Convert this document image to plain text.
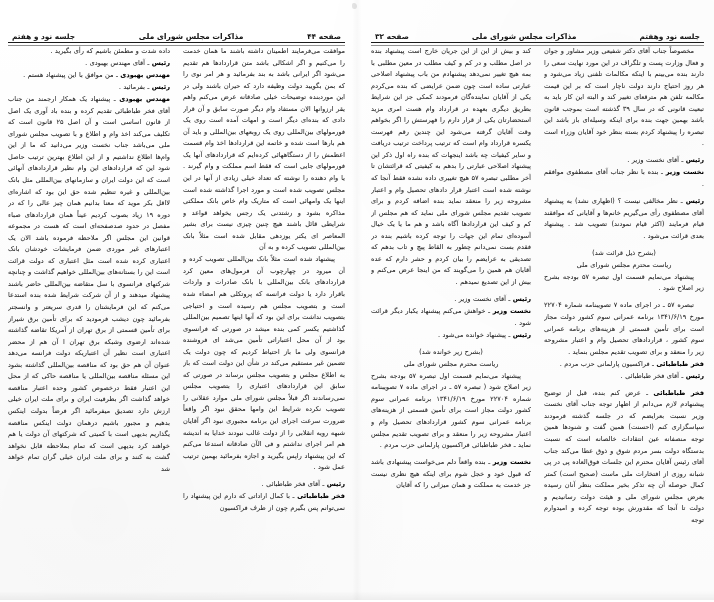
جلسه نود وهفتم
مذاکرات مجلس شورای ملی
صفحه ۳۲

مخصوصاً جناب آقای دکتر شفیعی وزیر مشاور و جوان و فعال وزارت پست و تلگراف در این مورد نهایت سعی را دارند بنده می‌بینم با اینکه مکالمات تلفنی زیاد می‌شود و هر روز احتیاج دارند دولت ناچار است که بر این قیمت مکالمه تلفن هم مترقعای تغییر کند و البته این کار باید به تبعیت قانونی که در سال ۳۹ گذشته است بموجب قانون باشد بهمین جهت بنده برای اینکه وسیله‌ای باز باشد این تبصره را پیشنهاد کردم بسته بنظر خود آقایان وزراء است .

رئیس ـ آقای نخست وزیر .

نخست وزیر ـ بنده با نظر جناب آقای مصطفوی موافقم .

رئیس ـ نظر مخالفی نیست ؟ (اظهاری نشد) به پیشنهاد آقای مصطفوی رأی می‌گیریم خانم‌ها و آقایانی که موافقند قیام فرمایند (اکثر قیام نمودند) تصویب شد . پیشنهاد بعدی قرائت می‌شود .

(بشرح ذیل قرائت شد)

ریاست محترم مجلس شورای ملی

پیشنهاد می‌نمایم قسمت اول تبصره ۵۷ بودجه بشرح زیر اصلاح شود .

تبصره ۵۷ ـ در اجرای ماده ۷ تصویبنامه شماره ۲۲۷۰۴ مورخ ۱۳۴۱/۶/۱۹ برنامه عمرانی سوم کشور دولت مجاز است برای تأمین قسمتی از هزینه‌های برنامه عمرانی سوم کشور ، قراردادهای تحصیل وام و اعتبار مشروحه زیر را منعقد و برای تصویب تقدیم مجلس بنماید .

فخر طباطبائی ـ فراکسیون پارلمانی حزب مردم .

رئیس ـ آقای فخر طباطبائی .

فخر طباطبائی ـ عرض کنم بنده، قبل از توضیح پیشنهادم لازم می‌دانم از اظهار توجه جناب آقای نخست وزیر نسبت بعرایضم که در جلسه گذشته فرمودند سپاسگزاری کنم (احسنت) همین گفت و شنودها همین توجه منصفانه عین انتقادات خالصانه است که نسبت بدستگاه دولت بسر مردم شوق و ذوق عطا می‌کند جناب آقای رئیس آقایان محترم این جلسات فوق‌العاده پی در پی شبانه روزی از افتخارات ملی ماست (صحیح است) کمتر کمال حوصله آن چه تذکر بخیر مملکت بنظر آنان رسیده بعرض مجلس شورای ملی و هیئت دولت رسانیدیم و دولت تا آنجا که مقدورش بوده توجه کرده و امیدوارم توجه

کند و بیش از این از این جریان خارج است پیشنهاد بنده در اصل مطلب و در کم و کیف مطلب در معین مطلبی با بمه هیچ تغییر نمی‌دهد پیشنهادم من باب پیشنهاد اصلاحی عبارتی ساده است چون ضمن عرایضی که بنده می‌کردم یکی از آقایان نماینده‌گان فرمودند کمکی جز این شرایط بطریق دیگری بعهده در قرارداد وام هست امری مزید استحضارتان یکی از قرار دارم را فهرستش را اگر بخواهم وقت آقایان گرفته می‌شود این چندین رقم فهرست یکسره قرارداد وام است که ترتیب پرداخت ترتیب دریافت و سایر کیفیات چه باشد اینجهات که بنده راه اول ذکر این پیشنهاد اصلاحی عبارتی را بدهم به کیفیتی که قرائتشان تا آخر مطلبی تبصره ۵۷ هیچ تغییری داده نشده فقط آنجا که نوشته شده است اعتبار قرار دادهای تحصیل وام و اعتبار مشروحه زیر را منعقد نماید بنده اضافه کردم و برای تصویب تقدیم مجلس شورای ملی نماید که هم مجلس از کم و کیف این قراردادها آگاه باشد و هم ما یا یک خیال آسوده‌ای تمام این جهات را توجه کرده باشیم بنده در فقدم بست نمی‌دانم چطور به القاط پیچ و تاب بدهم که تصدیقی به عرایضم را بیان کردم و حشر دارم که عده آقایان هم همین را می‌گویند که من اینجا عرض می‌کنم و بیش از این تصدیع نمیدهم .

رئیس ـ آقای نخست وزیر .

نخست وزیر ـ خواهش می‌کنم پیشنهاد یکبار دیگر قرائت شود .

رئیس ـ پیشنهاد خوانده می‌شود .

(بشرح زیر خوانده شد)

ریاست محترم مجلس شورای ملی

پیشنهاد می‌نمایم قسمت اول تبصره ۵۷ بودجه بشرح زیر اصلاح شود ( تبصره ۵۷ ـ در اجرای ماده ۷ تصویبنامه شماره ۲۲۷۰۴ مورخ ۱۳۴۱/۶/۱۹ برنامه عمرانی سوم کشور دولت مجاز است برای تأمین قسمتی از هزینه‌های برنامه عمرانی سوم کشور قراردادهای تحصیل وام و اعتبار مشروحه زیر را منعقد و برای تصویب تقدیم مجلس نماید ـ فخر طباطبائی فراکسیون پارلمانی حزب مردم .

نخست وزیر ـ بنده واقعاً دلم می‌خواست پیشنهادی باشد که قبول خود و خجل شوم برای اینکه هیچ نظری نیست جز خدمت به مملکت و همان میزانی را که آقایان

صفحه ۴۴
مذاکرات مجلس شورای ملی
جلسه نود و هفتم

موافقت می‌فرمایند اطمینان داشته باشند ما همان خدمت را می‌کنیم و اگر اشکالی باشد متن قرارداد‌ها هم تقدیم می‌شود اگر ایرانی باشد به بند بفرمائید و هر امر نوی را که بمن بگویید دولت وظیفه دارد که حیران باشند ولی در این موردبنده توضیحات خیلی صادقانه عرض می‌کنم واهم یقر ارزوانها الان مستفاد وام دیگر صورت سابق و آن قرار دادی که بنده‌ای دیگر است و امهات آمده است روی یک فورمولهای بین‌المللی روی یک روبعهای بین‌المللی و باید آن هم بارها است شده و خاتمه این قراردادها اخذ وام قسمت اعظمش را از دستگاههائی کرده‌ایم که قراردادهای آنها یک فورمولهای جایی است که فقط اسم مملکت و وام گیرند . یا وام دهنده را نوشته که تعداد خیلی زیادی از آنها در این مجلس تصویب شده است و مورد اجرا گذاشته شده است اینها یک وامهائی است که متاریک وام خاص بانک مملکتی مذاکره بشود و رشتدنی یک رجس یخواهد قواعد و شرایطی قائل باشند هیچ چنین چیزی نیست برای بشیر المعاصر ای یکتر یوزدهی مقابل شده است مثلاً بانک بین‌المللی تصویب کرده و به آن

پیشنهاد شده است مثلاً بانک بین‌المللی تصویب کرده و آن میرود در چهارچوب آن فرمول‌های معین کرد قراردادهای بانک بین‌المللی با بانک صادرات و واردات باقرار دارد یا دولت فرانسه که پروتکلی هم امضاء شده است و بتصویب مجلس هم رسیده است و احتیاجی بتصویب نداشت برای این بود که آنها اینها تصمیم بین‌المللی گذاشتیم یکسر کمی بنده میشد در صورتی که فرانسوی بود از آن محل اعتباراتی تأمین می‌شد ای فروشنده فرانسوی ولی ما باز احتیاط کردیم که چون دولت یک تضمین غیر مستقیم می‌کند در شأن این دولت است که باز به اطلاع مجلس و بتصویب مجلس برساند در صورتی که سابق این قراردادهای اعتباری را بتصویب مجلس نمی‌رساندند اگر قبلاً مجلس شورای ملی موارد عقلانی را تصویب نکرده شرایط این وامها محقق نبود اگر واقعاً ضرورت سرعت اجرای این برنامه مجبوری نبود اگر آقایان شبهه رویه انقلابی را از دولت غالب نبودند خدایا به اندیشه هم امر اجرای نداشتم و فی الآن صادقانه استدعا می‌کنم که این پیشنهاد راپس بگیرید و اجازه بفرمائید بهمین ترتیب عمل شود .

رئیس ـ آقای فخر طباطبائی .

فخر طباطبائی ـ با کمال اراداتی که دارم این پیشنهاد را نمی‌توانم پس بگیرم چون از طرف فراکسیون

داده شدت و مطمئن باشیم که رأی بگیرید .

رئیس ـ آقای مهندس بهبودی .

مهندس بهبودی ـ من موافق با این پیشنهاد هستم .

رئیس ـ بفرمائید .

مهندس بهبودی ـ پیشنهاد یک همکار ارجمند من جناب آقای فخر طباطبائی تقدیم کرده و بنده باد آوری یک اصل از قانون اساسی است و آن اصل ۲۵ قانون است که تکلیف می‌کند اخذ وام و اطلاع و با تصویب مجلس شورای ملی می‌باشد جناب نخست وزیر می‌دانید که ما از این وام‌ها اطلاع نداشتیم و از این اطلاع بهترین ترتیب حاصل شود این که قراردادهای این وام نظیر قراردادهای آنهائی است که این دولت ایران و سازمانهای بین‌المللی مثل بانک بین‌المللی و غیره تنظیم شده حق این بود که اشاره‌ای لااقل بکر موید که معنا بدانیم همان چیز عالی را که در دوره ۱۹ زیاد بصوب کردیم عیناً همان قراردادهای صباء مفصل در حدود صدصفحه‌ای است که هست در مجموعه قوانین این مجلس اگر ملاحظه فرموده باشد الان یک اعتبار‌های غیر موردی ضمن فرمایشات خودشان بانک اعتباری کرده شده است مثل اعتباری که دولت قرائت است این را بستانه‌های بین‌المللی خواهیم گذاشت و چنانچه شرکتهای فرانسوی با سل متقاضه بین‌المللی حاضر باشند پیشنهاد میدهند و از آن شرکت شرایط شده بنده استدعا می‌کنم که این فرمایشتان را قدری سریعتر و وانسجتر بفرمائید چون دیشب فرمودید که برای تأمین برق شیراز برای تأمین قسمتی از برق تهران از آمریکا تقاضه گذاشته شده‌اند ارضوی وشبکه برق تهران ا آن هم از محضر اعتباری است نظیر آن اعتباریکه دولت فرانسه می‌دهد عنوان آن هم حق بود که مناقصه بین‌المللی گذاشته بشود این مسئله مناقصه بین‌المللی یا مناقصه حاکی که از محل این اعتبار فقط درخصوص کشور وحده اعتبار مناقصه خواهد گذاشت اگر بطرفیت ایران و برای ملت ایران خیلی ارزش دارد تصدیق میفرمائید اگر فرضاً بدولت اینکس بدهیم و مجبور باشیم درهمان دولت اینکس مناقصه یگذاریم بدیهی است با کمیتی که شرکتهای آن دولت یا هم خواهند کرد بدیهی است که تمام بملاحظه قابل نخواهد گشت به کنند و برای ملت ایران خیلی گران تمام خواهد شد
